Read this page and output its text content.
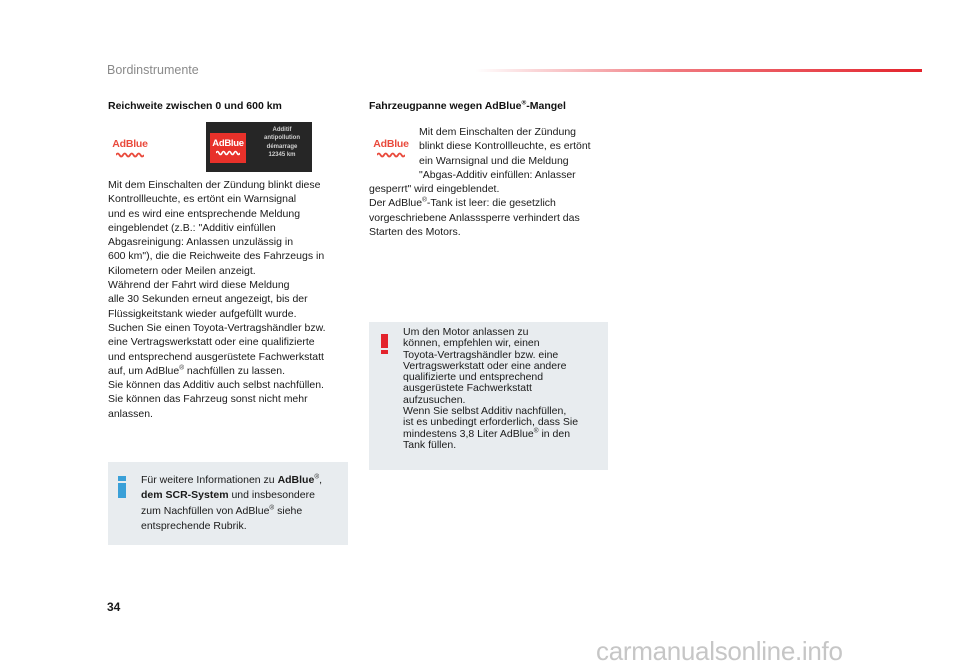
Bordinstrumente
Reichweite zwischen 0 und 600 km
AdBlue	AdBlue
Additif
antipollution
démarrage
12345 km
Mit dem Einschalten der Zündung blinkt diese
Kontrollleuchte, es ertönt ein Warnsignal
und es wird eine entsprechende Meldung
eingeblendet (z.B.: "Additiv einfüllen
Abgasreinigung: Anlassen unzulässig in
600 km"), die die Reichweite des Fahrzeugs in
Kilometern oder Meilen anzeigt.
Während der Fahrt wird diese Meldung
alle 30 Sekunden erneut angezeigt, bis der
Flüssigkeitstank wieder aufgefüllt wurde.
Suchen Sie einen Toyota-Vertragshändler bzw.
eine Vertragswerkstatt oder eine qualifizierte
und entsprechend ausgerüstete Fachwerkstatt
auf, um AdBlue® nachfüllen zu lassen.
Sie können das Additiv auch selbst nachfüllen.
Sie können das Fahrzeug sonst nicht mehr
anlassen.
Für weitere Informationen zu AdBlue®,
dem SCR-System und insbesondere
zum Nachfüllen von AdBlue® siehe
entsprechende Rubrik.
Fahrzeugpanne wegen AdBlue®-Mangel
AdBlue
Mit dem Einschalten der Zündung
blinkt diese Kontrollleuchte, es ertönt
ein Warnsignal und die Meldung
"Abgas-Additiv einfüllen: Anlasser
gesperrt" wird eingeblendet.
Der AdBlue®-Tank ist leer: die gesetzlich
vorgeschriebene Anlasssperre verhindert das
Starten des Motors.
Um den Motor anlassen zu
können, empfehlen wir, einen
Toyota-Vertragshändler bzw. eine
Vertragswerkstatt oder eine andere
qualifizierte und entsprechend
ausgerüstete Fachwerkstatt
aufzusuchen.
Wenn Sie selbst Additiv nachfüllen,
ist es unbedingt erforderlich, dass Sie
mindestens 3,8 Liter AdBlue® in den
Tank füllen.
34
carmanualsonline.info
